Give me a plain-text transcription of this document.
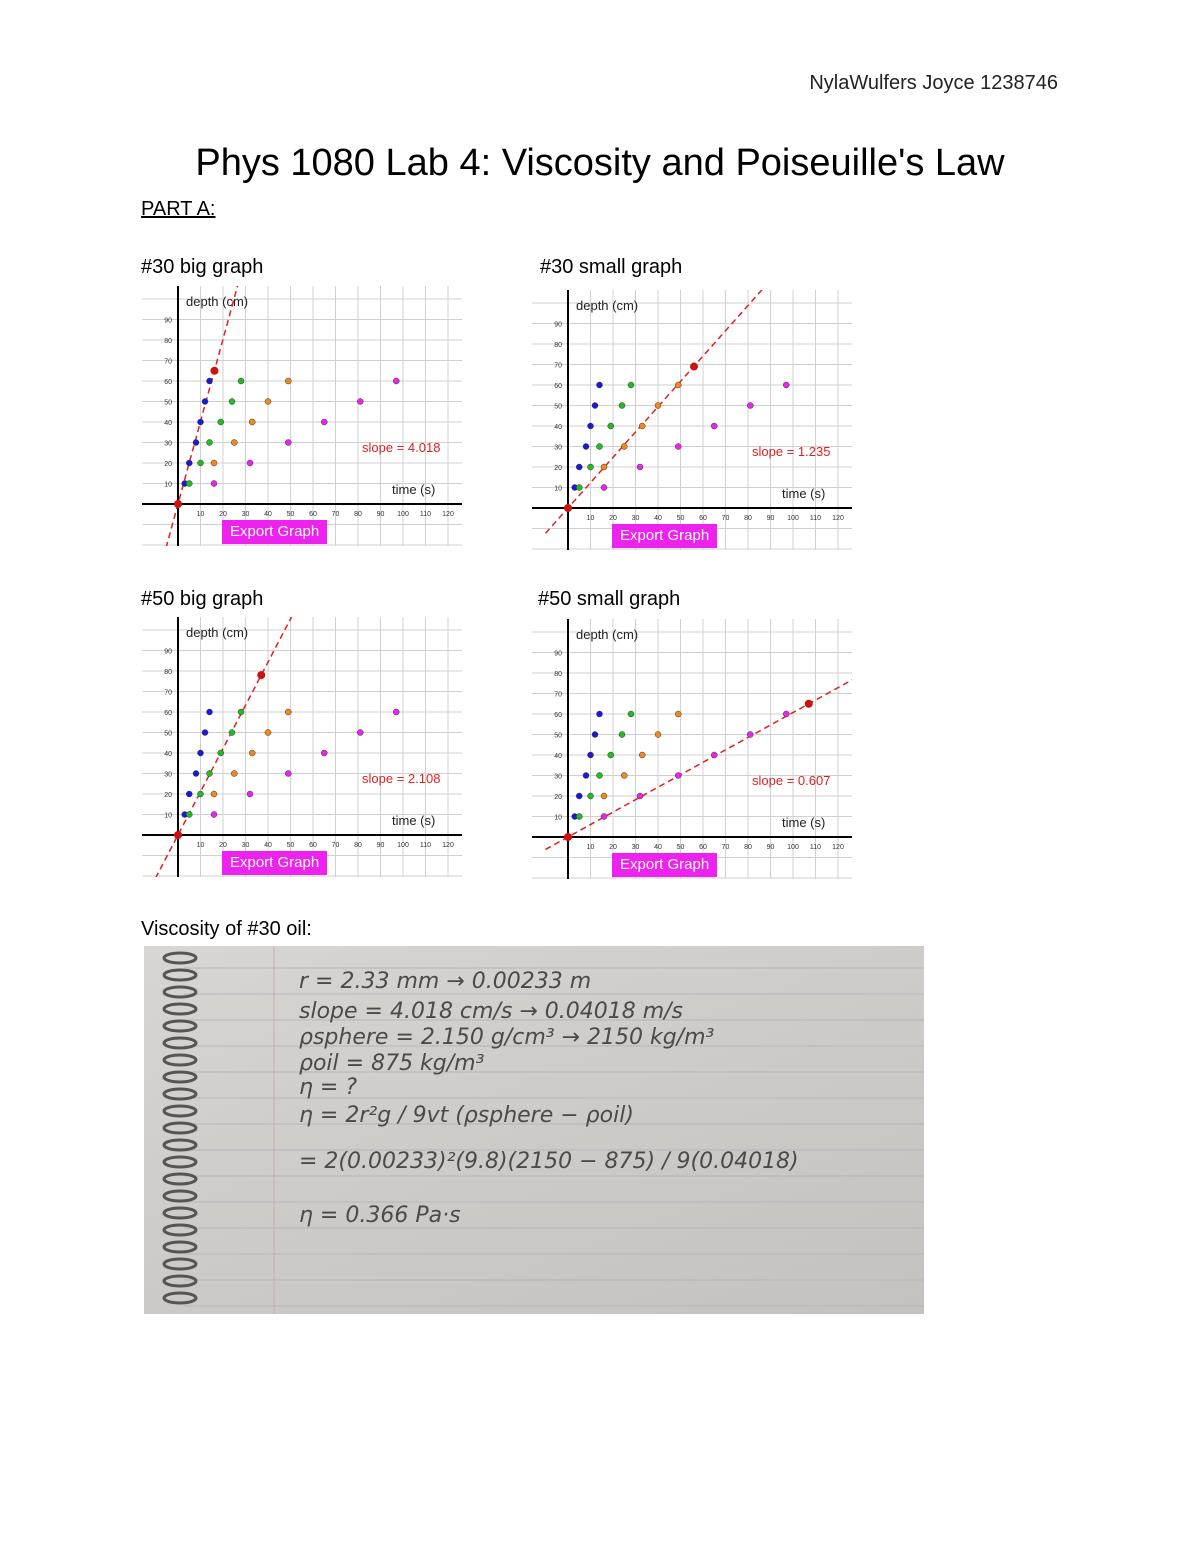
NylaWulfers Joyce 1238746
Phys 1080 Lab 4: Viscosity and Poiseuille's Law
PART A:
#30 big graph	#30 small graph
#50 big graph	#50 small graph
10 20 30 40 50 60 70 80 90 100 110 120
10
20
30
40
50
60
70
80
90
depth (cm)
time (s)
slope = 4.018
Export Graph
10 20 30 40 50 60 70 80 90 100 110 120
10
20
30
40
50
60
70
80
90
depth (cm)
time (s)
slope = 1.235
Export Graph
10 20 30 40 50 60 70 80 90 100 110 120
10
20
30
40
50
60
70
80
90
depth (cm)
time (s)
slope = 2.108
Export Graph
10 20 30 40 50 60 70 80 90 100 110 120
10
20
30
40
50
60
70
80
90
depth (cm)
time (s)
slope = 0.607
Export Graph
Viscosity of #30 oil:
r = 2.33 mm → 0.00233 m
slope = 4.018 cm/s → 0.04018 m/s
ρsphere = 2.150 g/cm³ → 2150 kg/m³
ρoil = 875 kg/m³
η = ?
η = 2r²g / 9vt (ρsphere − ρoil)
= 2(0.00233)²(9.8)(2150 − 875) / 9(0.04018)
η = 0.366 Pa·s
